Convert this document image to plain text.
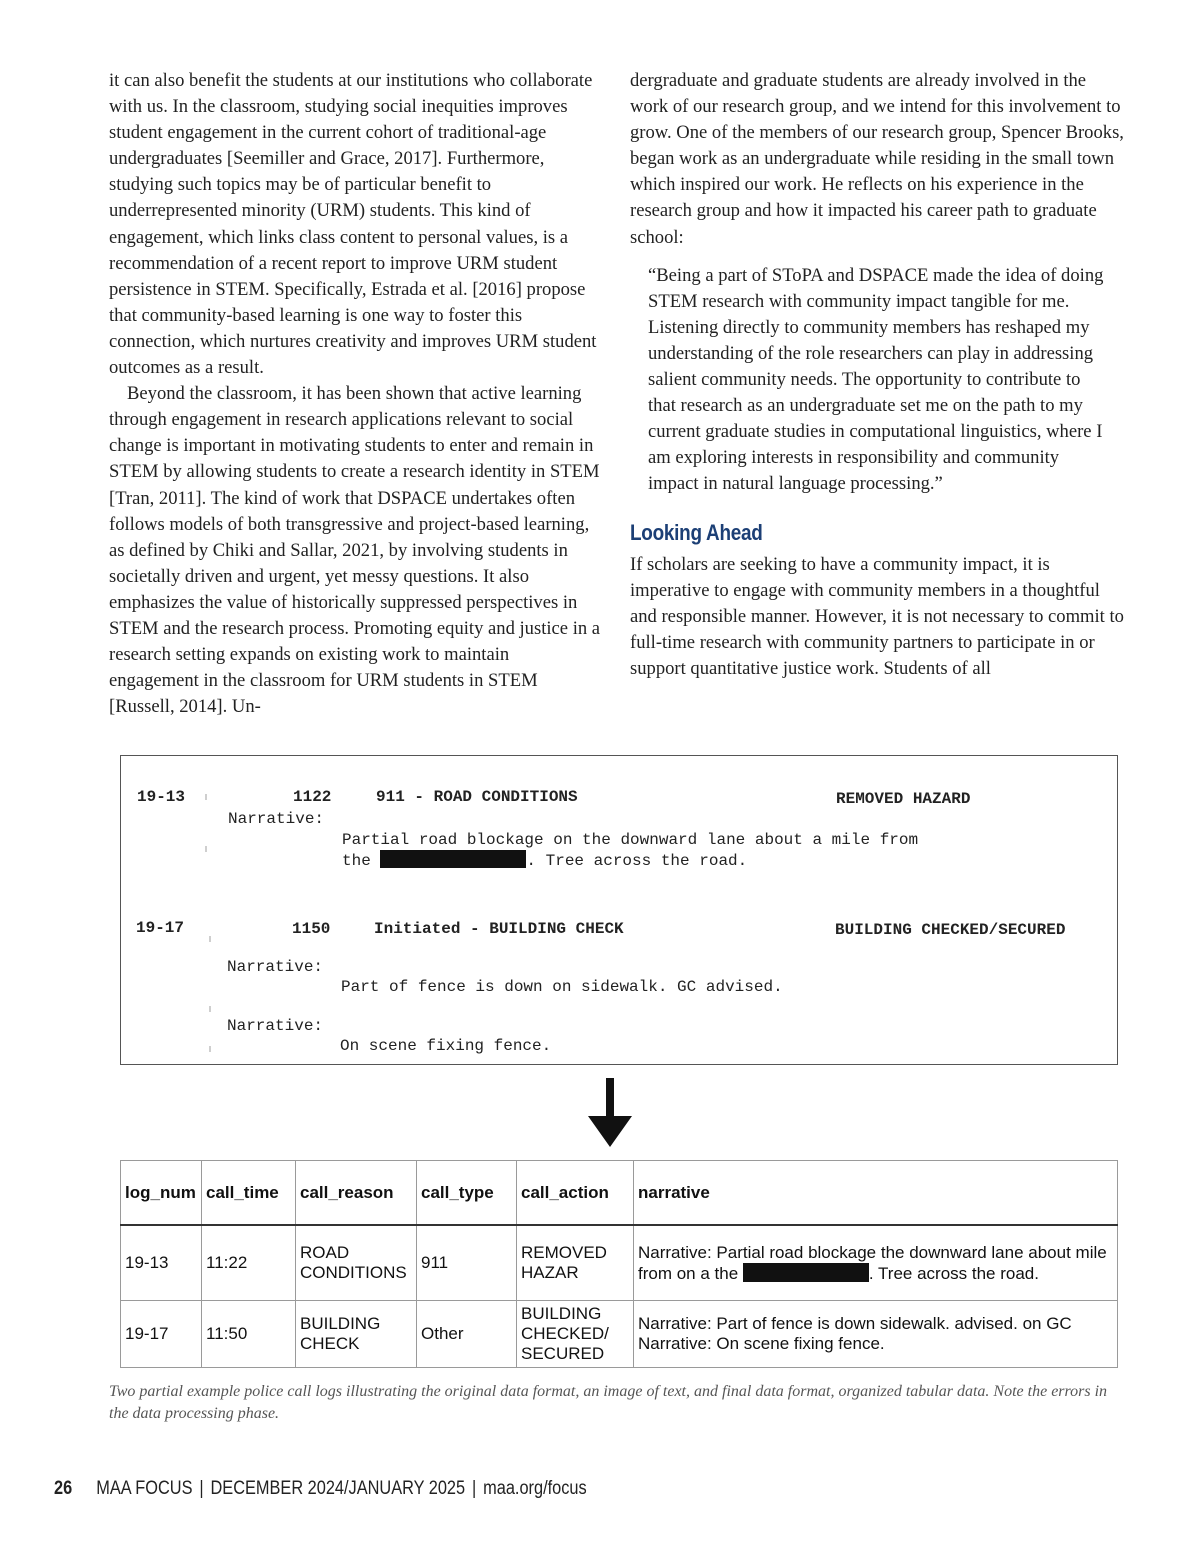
it can also benefit the students at our institutions who collaborate with us. In the classroom, studying social inequities improves student engagement in the current cohort of traditional-age undergraduates [Seemiller and Grace, 2017]. Furthermore, studying such topics may be of particular benefit to underrepresented minority (URM) students. This kind of engagement, which links class content to personal values, is a recommendation of a recent report to improve URM student persistence in STEM. Specifically, Estrada et al. [2016] propose that community-based learning is one way to foster this connection, which nurtures creativity and improves URM student outcomes as a result.

Beyond the classroom, it has been shown that active learning through engagement in research applications relevant to social change is important in motivating students to enter and remain in STEM by allowing students to create a research identity in STEM [Tran, 2011]. The kind of work that DSPACE undertakes often follows models of both transgressive and project-based learning, as defined by Chiki and Sallar, 2021, by involving students in societally driven and urgent, yet messy questions. It also emphasizes the value of historically suppressed perspectives in STEM and the research process. Promoting equity and justice in a research setting expands on existing work to maintain engagement in the classroom for URM students in STEM [Russell, 2014]. Un-

dergraduate and graduate students are already involved in the work of our research group, and we intend for this involvement to grow. One of the members of our research group, Spencer Brooks, began work as an undergraduate while residing in the small town which inspired our work. He reflects on his experience in the research group and how it impacted his career path to graduate school:

“Being a part of SToPA and DSPACE made the idea of doing STEM research with community impact tangible for me. Listening directly to community members has reshaped my understanding of the role researchers can play in addressing salient community needs. The opportunity to contribute to that research as an undergraduate set me on the path to my current graduate studies in computational linguistics, where I am exploring interests in responsibility and community impact in natural language processing.”

Looking Ahead

If scholars are seeking to have a community impact, it is imperative to engage with community members in a thoughtful and responsible manner. However, it is not necessary to commit to full-time research with community partners to participate in or support quantitative justice work. Students of all

19-13	1122	911 - ROAD CONDITIONS	REMOVED HAZARD
Narrative:
Partial road blockage on the downward lane about a mile from
the	. Tree across the road.
19-17	1150	Initiated - BUILDING CHECK	BUILDING CHECKED/SECURED
Narrative:
Part of fence is down on sidewalk. GC advised.
Narrative:
On scene fixing fence.
log_num	call_time	call_reason	call_type	call_action	narrative
19-13	11:22	ROAD
CONDITIONS	911	REMOVED
HAZAR	Narrative: Partial road blockage the downward lane about mile
from on a the . Tree across the road.
19-17	11:50	BUILDING
CHECK	Other	BUILDING
CHECKED/
SECURED	Narrative: Part of fence is down sidewalk. advised. on GC
Narrative: On scene fixing fence.
Two partial example police call logs illustrating the original data format, an image of text, and final data format, organized tabular data. Note the errors in the data processing phase.
26 MAA FOCUS | DECEMBER 2024/JANUARY 2025 | maa.org/focus
